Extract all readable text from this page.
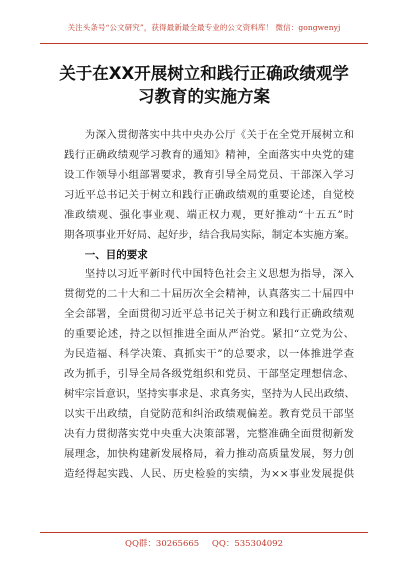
关注头条号“公文研究”，获得最新最全最专业的公文资料库！ 微信：gongwenyj
关于在XX开展树立和践行正确政绩观学
习教育的实施方案

为深入贯彻落实中共中央办公厅《关于在全党开展树立和
践行正确政绩观学习教育的通知》精神，全面落实中央党的建
设工作领导小组部署要求，教育引导全局党员、干部深入学习
习近平总书记关于树立和践行正确政绩观的重要论述，自觉校
准政绩观、强化事业观、端正权力观，更好推动“十五五”时
期各项事业开好局、起好步，结合我局实际，制定本实施方案。

一、目的要求

坚持以习近平新时代中国特色社会主义思想为指导，深入
贯彻党的二十大和二十届历次全会精神，认真落实二十届四中
全会部署，全面贯彻习近平总书记关于树立和践行正确政绩观
的重要论述，持之以恒推进全面从严治党。紧扣“立党为公、
为民造福、科学决策、真抓实干”的总要求，以一体推进学查
改为抓手，引导全局各级党组织和党员、干部坚定理想信念、
树牢宗旨意识，坚持实事求是、求真务实，坚持为人民出政绩、
以实干出政绩，自觉防范和纠治政绩观偏差。教育党员干部坚
决有力贯彻落实党中央重大决策部署，完整准确全面贯彻新发
展理念，加快构建新发展格局，着力推动高质量发展，努力创
造经得起实践、人民、历史检验的实绩，为××事业发展提供

QQ群：30265665 QQ：535304092
